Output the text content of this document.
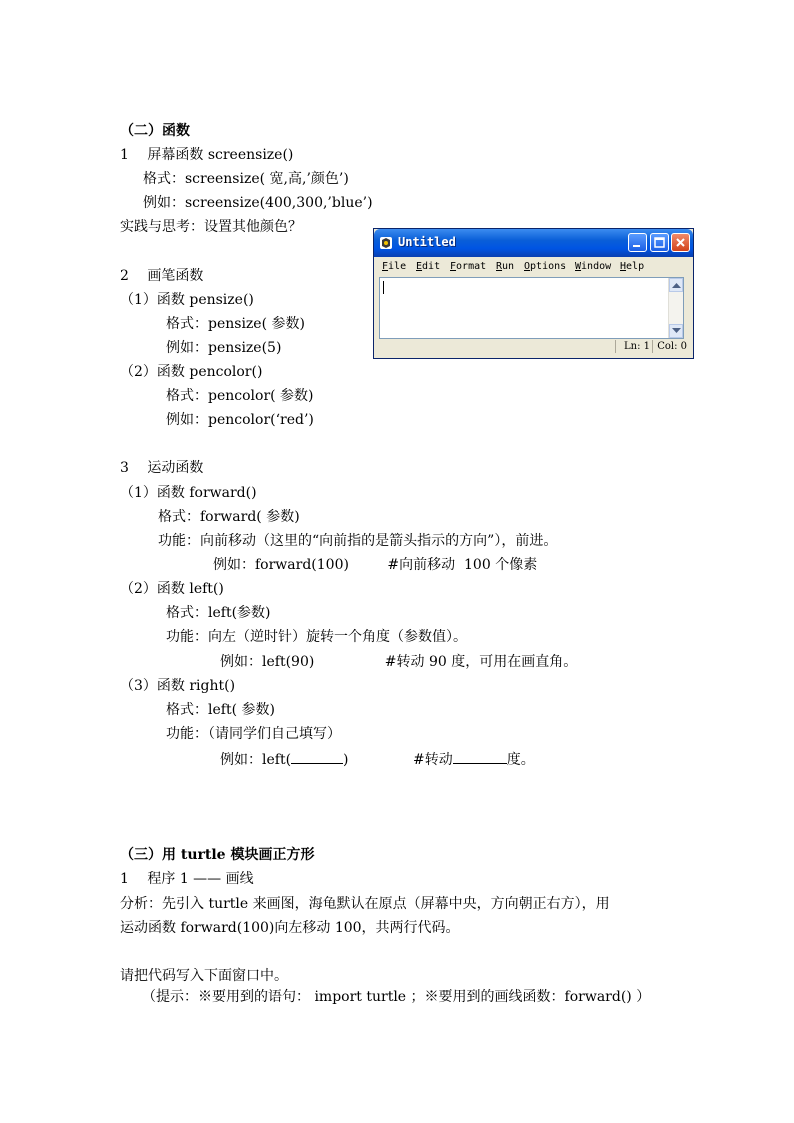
（二）函数
1 屏幕函数 screensize()
格式：screensize( 宽,高,’颜色’)
例如：screensize(400,300,’blue’)
实践与思考：设置其他颜色？
2 画笔函数
（1）函数 pensize()
格式：pensize( 参数)
例如：pensize(5)
（2）函数 pencolor()
格式：pencolor( 参数)
例如：pencolor(‘red’)
3 运动函数
（1）函数 forward()
格式：forward( 参数)
功能：向前移动（这里的“向前指的是箭头指示的方向”），前进。
例如：forward(100)	#向前移动  100 个像素
（2）函数 left()
格式：left(参数)
功能：向左（逆时针）旋转一个角度（参数值）。
例如：left(90)	#转动 90 度，可用在画直角。
（3）函数 right()
格式：left( 参数)
功能：（请同学们自己填写）
例如：left(	)	#转动	度。
（三）用 turtle 模块画正方形
1 程序 1 —— 画线
分析：先引入 turtle 来画图，海龟默认在原点（屏幕中央，方向朝正右方），用
运动函数 forward(100)向左移动 100，共两行代码。
请把代码写入下面窗口中。
（提示：※要用到的语句： import turtle ；※要用到的画线函数：forward() ）
Untitled
File Edit Format Run Options Window Help
Ln: 1 Col: 0
